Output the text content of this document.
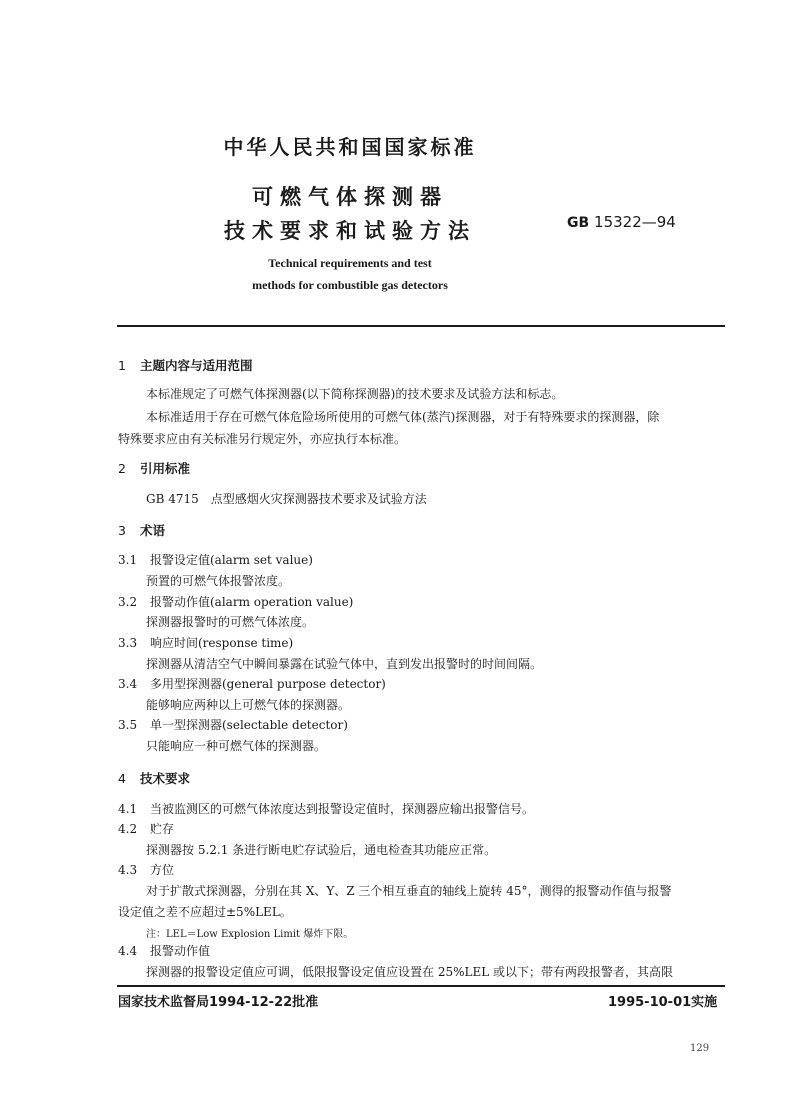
中华人民共和国国家标准
可燃气体探测器
技术要求和试验方法	GB 15322—94
Technical requirements and test
methods for combustible gas detectors
1 主题内容与适用范围
本标准规定了可燃气体探测器(以下简称探测器)的技术要求及试验方法和标志。
本标准适用于存在可燃气体危险场所使用的可燃气体(蒸汽)探测器，对于有特殊要求的探测器，除
特殊要求应由有关标准另行规定外，亦应执行本标准。
2 引用标准
GB 4715　点型感烟火灾探测器技术要求及试验方法
3 术语
3.1 报警设定值(alarm set value)
预置的可燃气体报警浓度。
3.2 报警动作值(alarm operation value)
探测器报警时的可燃气体浓度。
3.3 响应时间(response time)
探测器从清洁空气中瞬间暴露在试验气体中，直到发出报警时的时间间隔。
3.4 多用型探测器(general purpose detector)
能够响应两种以上可燃气体的探测器。
3.5 单一型探测器(selectable detector)
只能响应一种可燃气体的探测器。
4 技术要求
4.1 当被监测区的可燃气体浓度达到报警设定值时，探测器应输出报警信号。
4.2 贮存
探测器按 5.2.1 条进行断电贮存试验后，通电检查其功能应正常。
4.3 方位
对于扩散式探测器，分别在其 X、Y、Z 三个相互垂直的轴线上旋转 45°，测得的报警动作值与报警
设定值之差不应超过±5%LEL。
注：LEL＝Low Explosion Limit 爆炸下限。
4.4 报警动作值
探测器的报警设定值应可调，低限报警设定值应设置在 25%LEL 或以下；带有两段报警者，其高限
国家技术监督局1994-12-22批准	1995-10-01实施
129
